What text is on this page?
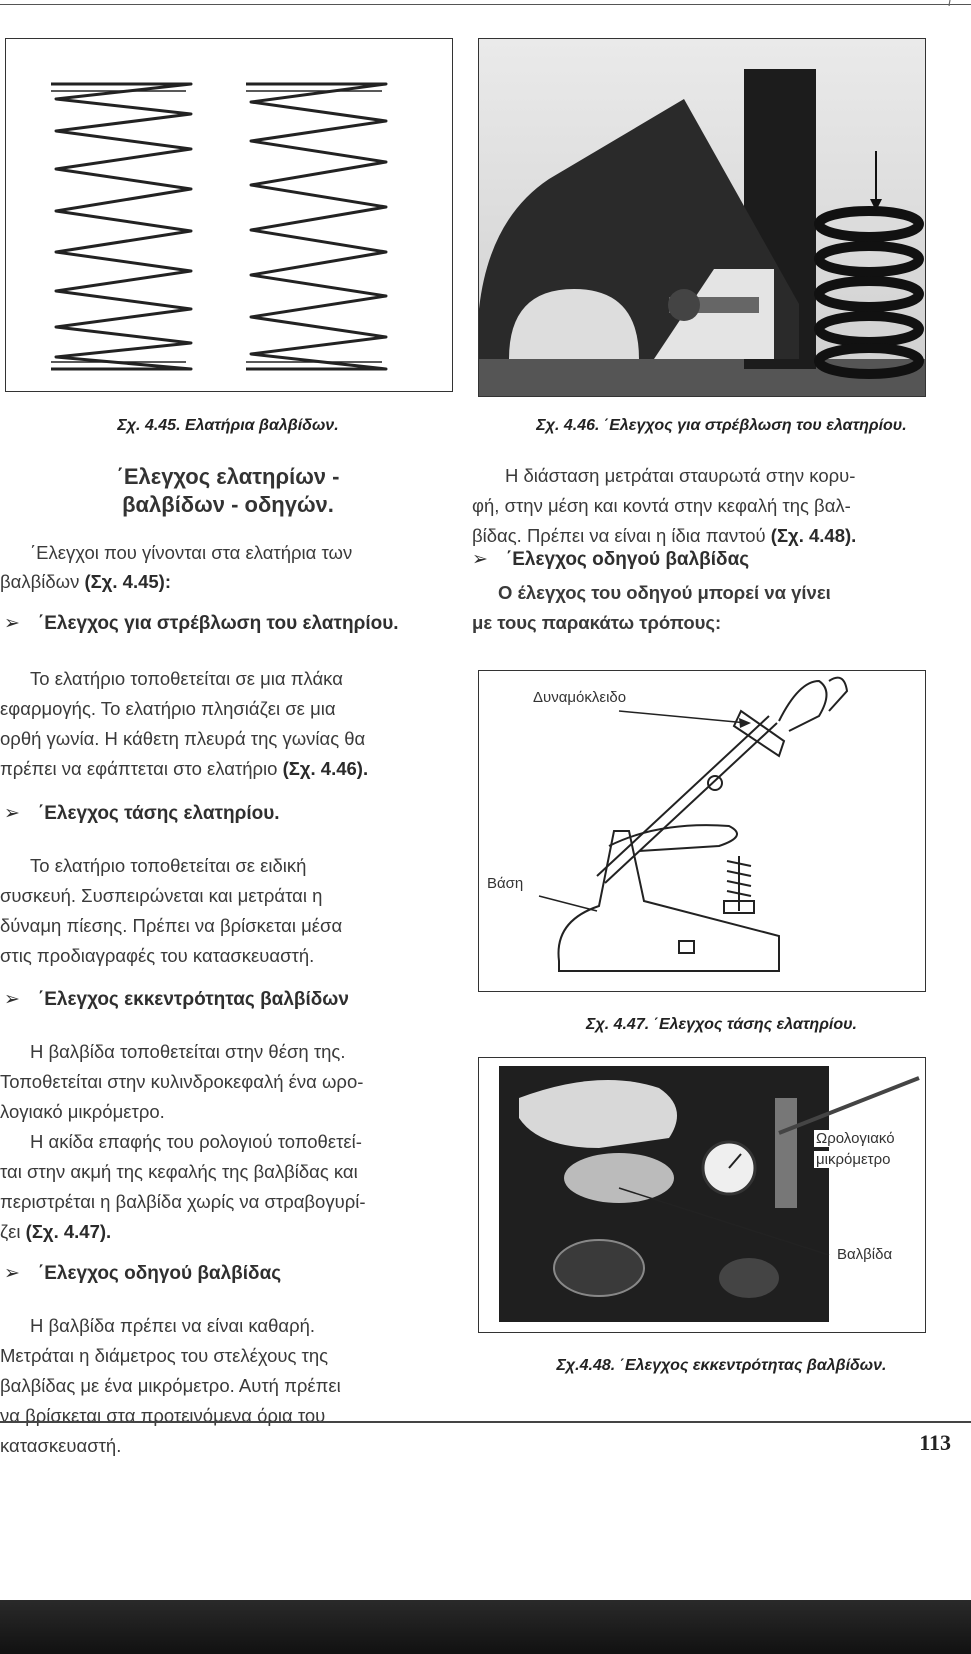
ι
Σχ. 4.45. Ελατήρια βαλβίδων.	Σχ. 4.46. ΄Ελεγχος για στρέβλωση του ελατηρίου.
΄Ελεγχος ελατηρίων -
βαλβίδων - οδηγών.
΄Ελεγχοι που γίνονται στα ελατήρια των
βαλβίδων (Σχ. 4.45):
➢ ΄Ελεγχος για στρέβλωση του ελατηρίου.
Το ελατήριο τοποθετείται σε μια πλάκα
εφαρμογής. Το ελατήριο πλησιάζει σε μια
ορθή γωνία. Η κάθετη πλευρά της γωνίας θα
πρέπει να εφάπτεται στο ελατήριο (Σχ. 4.46).
➢ ΄Ελεγχος τάσης ελατηρίου.
Το ελατήριο τοποθετείται σε ειδική
συσκευή. Συσπειρώνεται και μετράται η
δύναμη πίεσης. Πρέπει να βρίσκεται μέσα
στις προδιαγραφές του κατασκευαστή.
➢ ΄Ελεγχος εκκεντρότητας βαλβίδων
Η βαλβίδα τοποθετείται στην θέση της.
Τοποθετείται στην κυλινδροκεφαλή ένα ωρο-
λογιακό μικρόμετρο.
Η ακίδα επαφής του ρολογιού τοποθετεί-
ται στην ακμή της κεφαλής της βαλβίδας και
περιστρέται η βαλβίδα χωρίς να στραβογυρί-
ζει (Σχ. 4.47).
➢ ΄Ελεγχος οδηγού βαλβίδας
Η βαλβίδα πρέπει να είναι καθαρή.
Μετράται η διάμετρος του στελέχους της
βαλβίδας με ένα μικρόμετρο. Αυτή πρέπει
να βρίσκεται στα προτεινόμενα όρια του
κατασκευαστή.
Η διάσταση μετράται σταυρωτά στην κορυ-
φή, στην μέση και κοντά στην κεφαλή της βαλ-
βίδας. Πρέπει να είναι η ίδια παντού (Σχ. 4.48).
➢ ΄Ελεγχος οδηγού βαλβίδας
Ο έλεγχος του οδηγού μπορεί να γίνει
με τους παρακάτω τρόπους:
Δυναμόκλειδο
Βάση
Σχ. 4.47. ΄Ελεγχος τάσης ελατηρίου.
Ωρολογιακό
μικρόμετρο
Βαλβίδα
Σχ.4.48. ΄Ελεγχος εκκεντρότητας βαλβίδων.
113
